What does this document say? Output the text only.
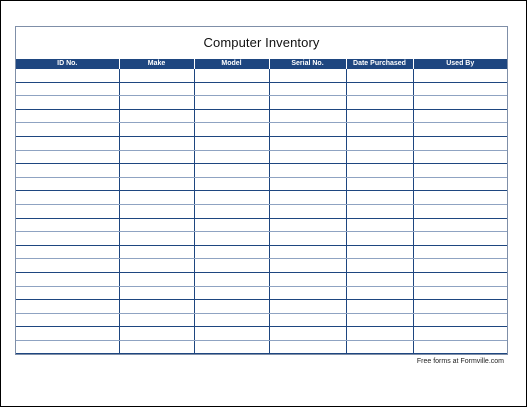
Computer Inventory
ID No.	Make	Model	Serial No.	Date Purchased	Used By

Free forms at Formville.com
